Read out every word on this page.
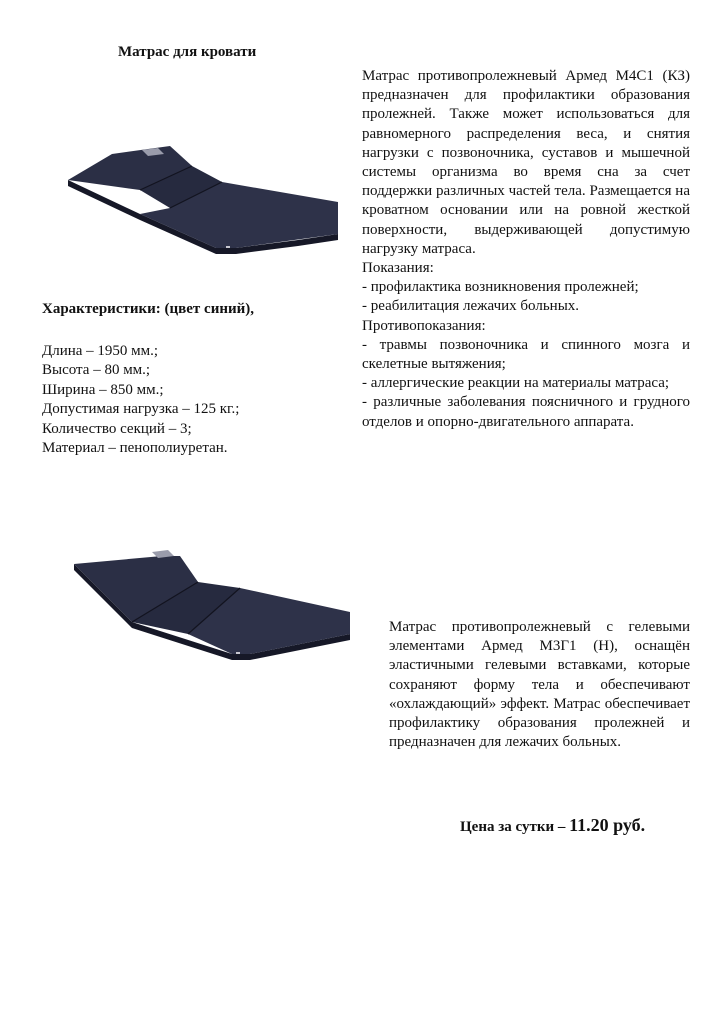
Матрас для кровати

Матрас противопролежневый Армед М4С1 (КЗ) предназначен для профилактики образования пролежней. Также может использоваться для равномерного распределения веса, и снятия нагрузки с позвоночника, суставов и мышечной системы организма во время сна за счет поддержки различных частей тела. Размещается на кроватном основании или на ровной жесткой поверхности, выдерживающей допустимую нагрузку матраса.

Показания:
- профилактика возникновения пролежней;
- реабилитация лежачих больных.
Противопоказания:
- травмы позвоночника и спинного мозга и скелетные вытяжения;
- аллергические реакции на материалы матраса;
- различные заболевания поясничного и грудного отделов и опорно-двигательного аппарата.
Характеристики: (цвет синий),
Длина – 1950 мм.;
Высота – 80 мм.;
Ширина – 850 мм.;
Допустимая нагрузка – 125 кг.;
Количество секций – 3;
Материал – пенополиуретан.

Матрас противопролежневый с гелевыми элементами Армед М3Г1 (Н), оснащён эластичными гелевыми вставками, которые сохраняют форму тела и обеспечивают «охлаждающий» эффект. Матрас обеспечивает профилактику образования пролежней и предназначен для лежачих больных.

Цена за сутки – 11.20 руб.
